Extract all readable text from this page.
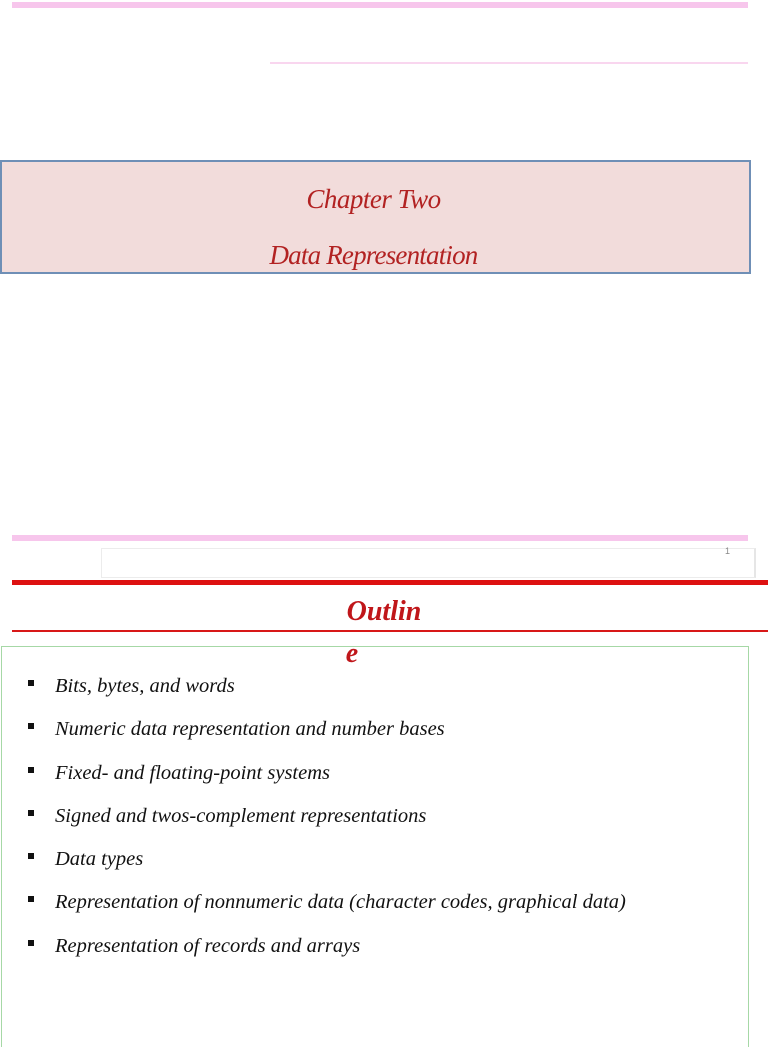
Chapter Two
Data Representation
1
Outlin
e
Bits, bytes, and words
Numeric data representation and number bases
Fixed- and floating-point systems
Signed and twos-complement representations
Data types
Representation of nonnumeric data (character codes, graphical data)
Representation of records and arrays
